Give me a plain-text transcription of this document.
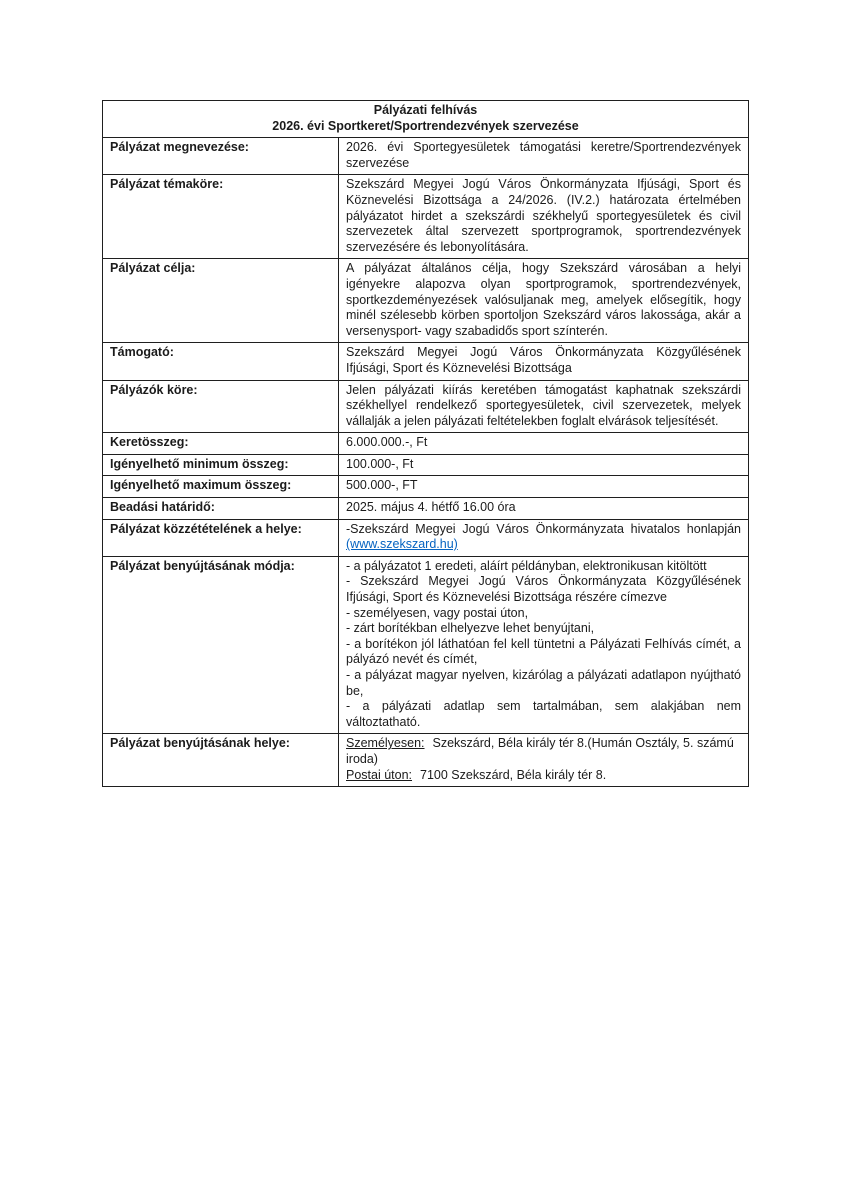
Pályázati felhívás
2026. évi Sportkeret/Sportrendezvények szervezése	

Pályázat megnevezése:	2026. évi Sportegyesületek támogatási keretre/Sportrendezvények szervezése
Pályázat témaköre:	Szekszárd Megyei Jogú Város Önkormányzata Ifjúsági, Sport és Köznevelési Bizottsága a 24/2026. (IV.2.) határozata értelmében pályázatot hirdet a szekszárdi székhelyű sportegyesületek és civil szervezetek által szervezett sportprogramok, sportrendezvények szervezésére és lebonyolítására.
Pályázat célja:	A pályázat általános célja, hogy Szekszárd városában a helyi igényekre alapozva olyan sportprogramok, sportrendezvények, sportkezdeményezések valósuljanak meg, amelyek elősegítik, hogy minél szélesebb körben sportoljon Szekszárd város lakossága, akár a versenysport- vagy szabadidős sport színterén.
Támogató:	Szekszárd Megyei Jogú Város Önkormányzata Közgyűlésének Ifjúsági, Sport és Köznevelési Bizottsága
Pályázók köre:	Jelen pályázati kiírás keretében támogatást kaphatnak szekszárdi székhellyel rendelkező sportegyesületek, civil szervezetek, melyek vállalják a jelen pályázati feltételekben foglalt elvárások teljesítését.
Keretösszeg:	6.000.000.-, Ft
Igényelhető minimum összeg:	100.000-, Ft
Igényelhető maximum összeg:	500.000-, FT
Beadási határidő:	2025. május 4. hétfő 16.00 óra
Pályázat közzétételének a helye:	-Szekszárd Megyei Jogú Város Önkormányzata hivatalos honlapján (www.szekszard.hu)
Pályázat benyújtásának módja:	- a pályázatot 1 eredeti, aláírt példányban, elektronikusan kitöltött

- Szekszárd Megyei Jogú Város Önkormányzata Közgyűlésének Ifjúsági, Sport és Köznevelési Bizottsága részére címezve

- személyesen, vagy postai úton,

- zárt borítékban elhelyezve lehet benyújtani,

- a borítékon jól láthatóan fel kell tüntetni a Pályázati Felhívás címét, a pályázó nevét és címét,

- a pályázat magyar nyelven, kizárólag a pályázati adatlapon nyújtható be,

- a pályázati adatlap sem tartalmában, sem alakjában nem változtatható.

Pályázat benyújtásának helye:	Személyesen: Szekszárd, Béla király tér 8.(Humán Osztály, 5. számú iroda)

Postai úton: 7100 Szekszárd, Béla király tér 8.
